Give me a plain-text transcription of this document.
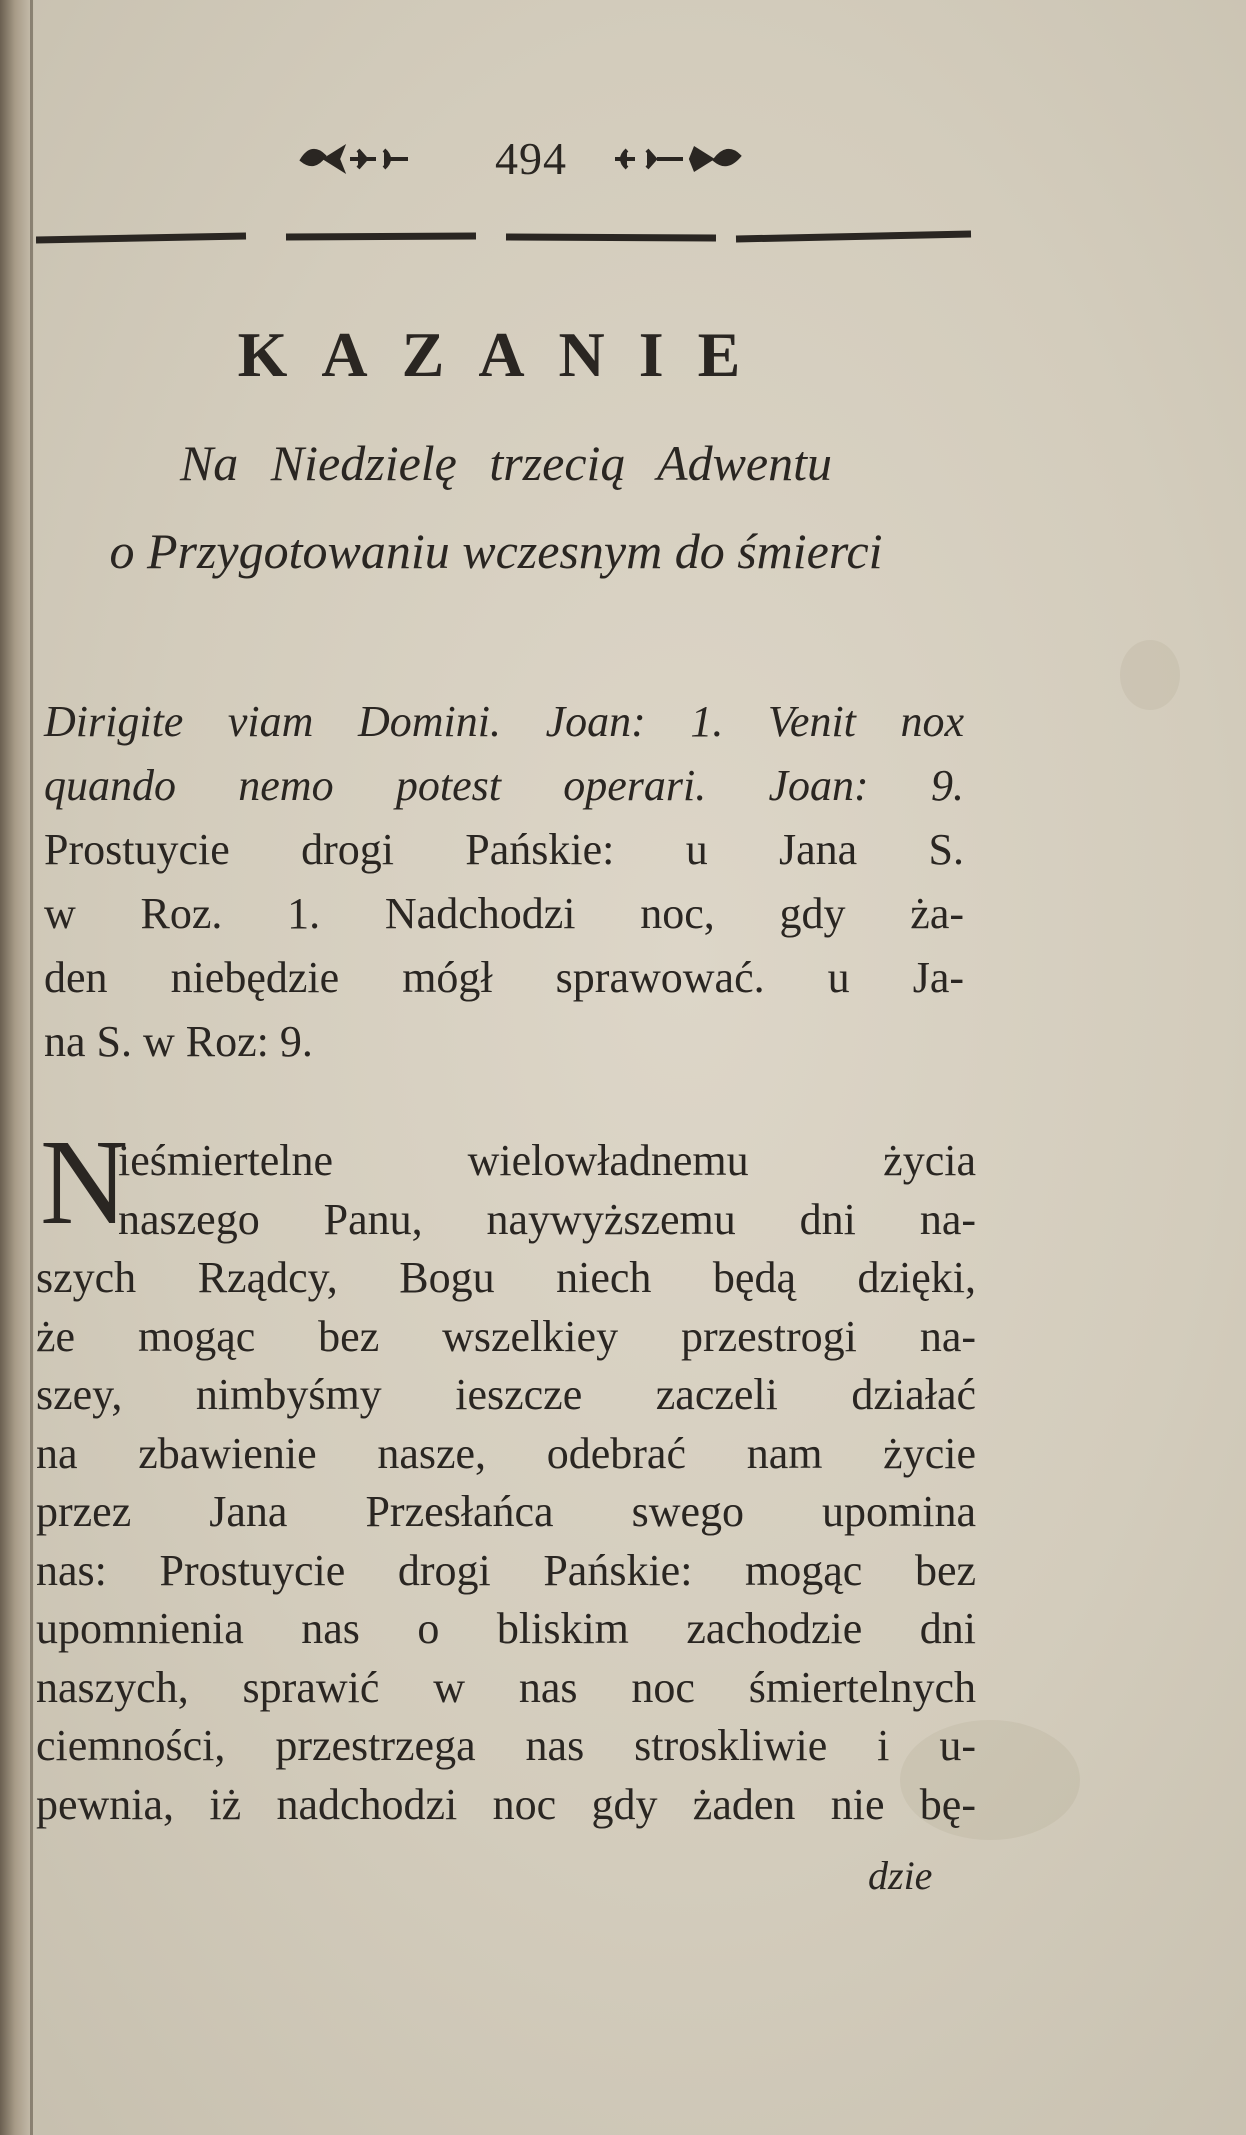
494
KAZANIE
Na Niedzielę trzecią Adwentu
o Przygotowaniu wczesnym do śmierci
Dirigite viam Domini. Joan: 1. Venit nox
quando nemo potest operari. Joan: 9.
Prostuycie drogi Pańskie: u Jana S.
w Roz. 1. Nadchodzi noc, gdy ża-
den niebędzie mógł sprawować. u Ja-
na S. w Roz: 9.
N
ieśmiertelne wielowładnemu życia
naszego Panu, naywyższemu dni na-
szych Rządcy, Bogu niech będą dzięki,
że mogąc bez wszelkiey przestrogi na-
szey, nimbyśmy ieszcze zaczeli działać
na zbawienie nasze, odebrać nam życie
przez Jana Przesłańca swego upomina
nas: Prostuycie drogi Pańskie: mogąc bez
upomnienia nas o bliskim zachodzie dni
naszych, sprawić w nas noc śmiertelnych
ciemności, przestrzega nas stroskliwie i u-
pewnia, iż nadchodzi noc gdy żaden nie bę-
dzie
